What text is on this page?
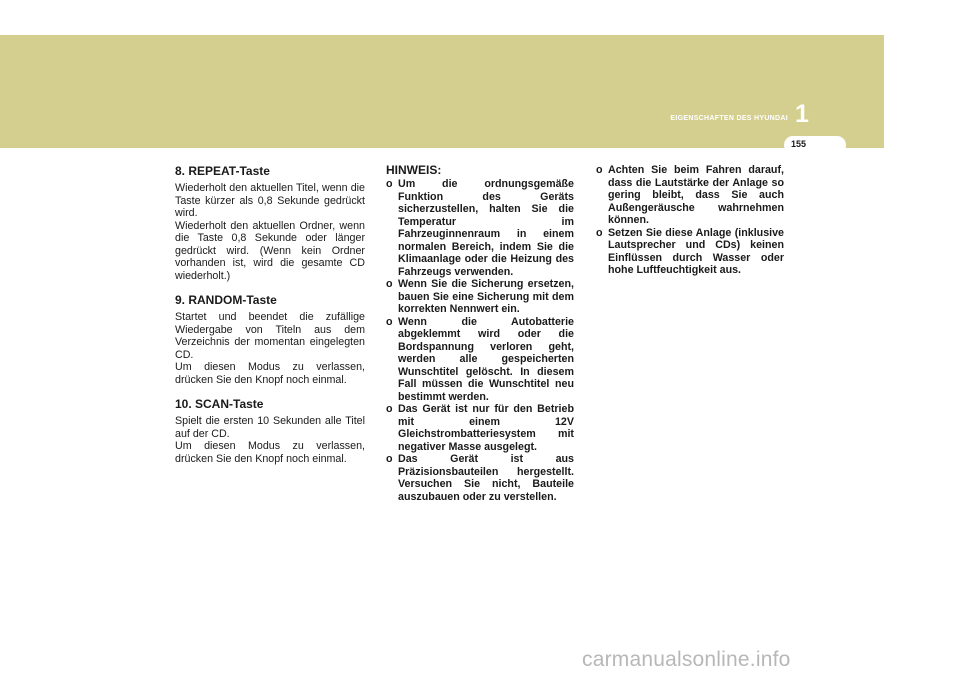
EIGENSCHAFTEN DES HYUNDAI 1
155
8. REPEAT-Taste

Wiederholt den aktuellen Titel, wenn die Taste kürzer als 0,8 Sekunde gedrückt wird.

Wiederholt den aktuellen Ordner, wenn die Taste 0,8 Sekunde oder länger gedrückt wird. (Wenn kein Ordner vorhanden ist, wird die gesamte CD wiederholt.)

9. RANDOM-Taste

Startet und beendet die zufällige Wiedergabe von Titeln aus dem Verzeichnis der momentan eingelegten CD.

Um diesen Modus zu verlassen, drücken Sie den Knopf noch einmal.

10. SCAN-Taste

Spielt die ersten 10 Sekunden alle Titel auf der CD.

Um diesen Modus zu verlassen, drücken Sie den Knopf noch einmal.

HINWEIS:
o Um die ordnungsgemäße Funktion des Geräts sicherzustellen, halten Sie die Temperatur im Fahrzeuginnenraum in einem normalen Bereich, indem Sie die Klimaanlage oder die Heizung des Fahrzeugs verwenden.
o Wenn Sie die Sicherung ersetzen, bauen Sie eine Sicherung mit dem korrekten Nennwert ein.
o Wenn die Autobatterie abgeklemmt wird oder die Bordspannung verloren geht, werden alle gespeicherten Wunschtitel gelöscht. In diesem Fall müssen die Wunschtitel neu bestimmt werden.
o Das Gerät ist nur für den Betrieb mit einem 12V Gleichstrombatteriesystem mit negativer Masse ausgelegt.
o Das Gerät ist aus Präzisionsbauteilen hergestellt. Versuchen Sie nicht, Bauteile auszubauen oder zu verstellen.
o Achten Sie beim Fahren darauf, dass die Lautstärke der Anlage so gering bleibt, dass Sie auch Außengeräusche wahrnehmen können.
o Setzen Sie diese Anlage (inklusive Lautsprecher und CDs) keinen Einflüssen durch Wasser oder hohe Luftfeuchtigkeit aus.
carmanualsonline.info
